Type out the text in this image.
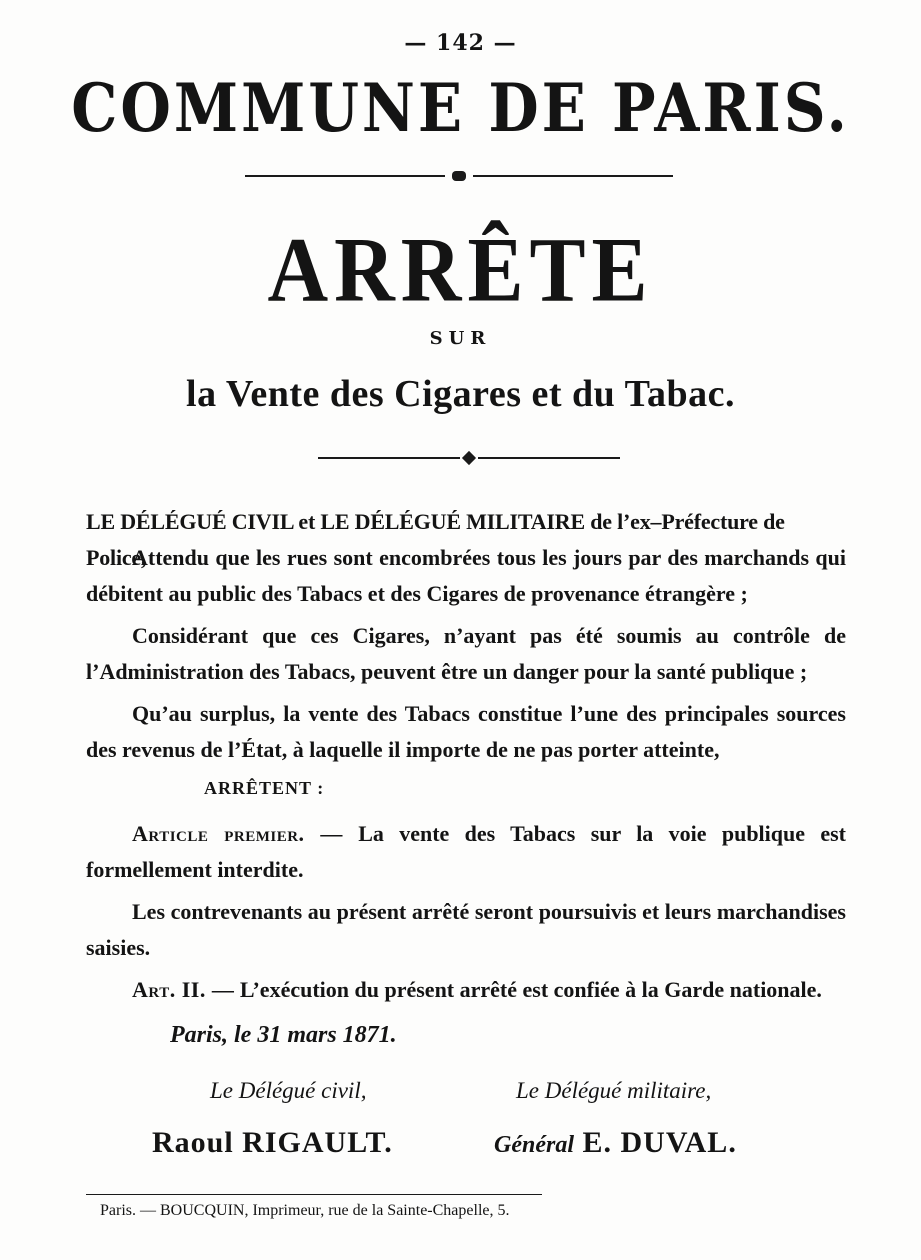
— 142 —
COMMUNE DE PARIS.
ARRÊTE
SUR
la Vente des Cigares et du Tabac.

LE DÉLÉGUÉ CIVIL et LE DÉLÉGUÉ MILITAIRE de l’ex–Préfecture de Police,

Attendu que les rues sont encombrées tous les jours par des marchands qui débitent au public des Tabacs et des Cigares de provenance étrangère ;

Considérant que ces Cigares, n’ayant pas été soumis au contrôle de l’Administration des Tabacs, peuvent être un danger pour la santé publique ;

Qu’au surplus, la vente des Tabacs constitue l’une des principales sources des revenus de l’État, à laquelle il importe de ne pas porter atteinte,

ARRÊTENT :

Article premier. — La vente des Tabacs sur la voie publique est formellement interdite.

Les contrevenants au présent arrêté seront poursuivis et leurs marchandises saisies.

Art. II. — L’exécution du présent arrêté est confiée à la Garde nationale.

Paris, le 31 mars 1871.
Le Délégué civil,	Le Délégué militaire,
Raoul RIGAULT.	Général E. DUVAL.
Paris. — BOUCQUIN, Imprimeur, rue de la Sainte-Chapelle, 5.
